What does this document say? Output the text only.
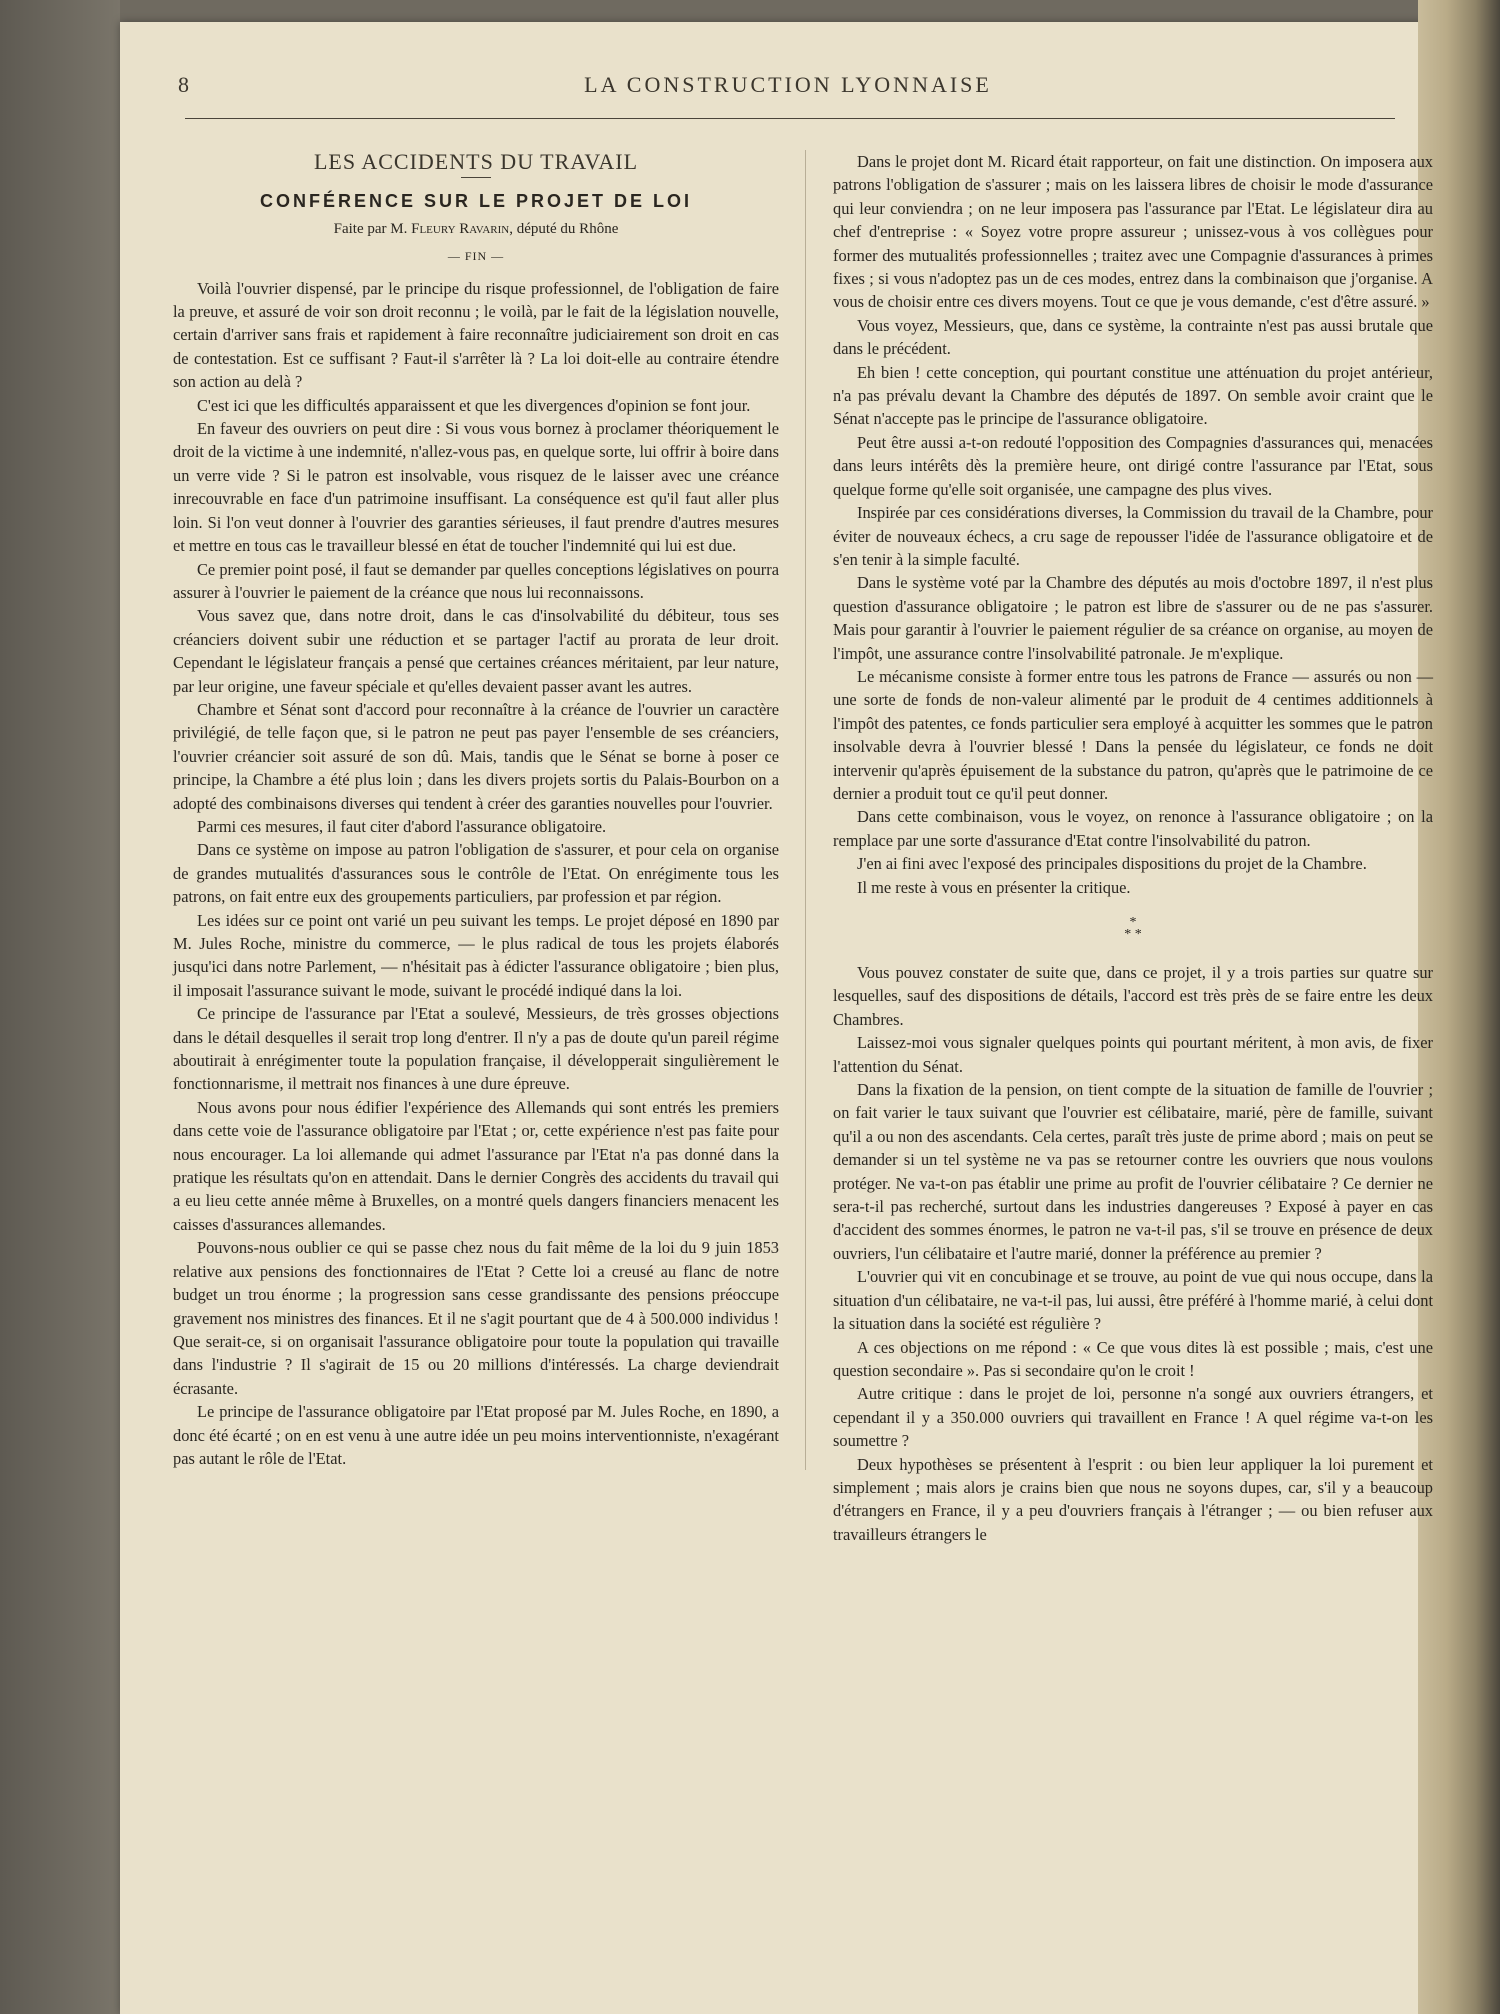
8	LA CONSTRUCTION LYONNAISE
LES ACCIDENTS DU TRAVAIL
CONFÉRENCE SUR LE PROJET DE LOI
Faite par M. Fleury Ravarin, député du Rhône
— FIN —

Voilà l'ouvrier dispensé, par le principe du risque professionnel, de l'obligation de faire la preuve, et assuré de voir son droit reconnu ; le voilà, par le fait de la législation nouvelle, certain d'arriver sans frais et rapidement à faire reconnaître judiciairement son droit en cas de contestation. Est ce suffisant ? Faut-il s'arrêter là ? La loi doit-elle au contraire étendre son action au delà ?

C'est ici que les difficultés apparaissent et que les divergences d'opinion se font jour.

En faveur des ouvriers on peut dire : Si vous vous bornez à proclamer théoriquement le droit de la victime à une indemnité, n'allez-vous pas, en quelque sorte, lui offrir à boire dans un verre vide ? Si le patron est insolvable, vous risquez de le laisser avec une créance inrecouvrable en face d'un patrimoine insuffisant. La conséquence est qu'il faut aller plus loin. Si l'on veut donner à l'ouvrier des garanties sérieuses, il faut prendre d'autres mesures et mettre en tous cas le travailleur blessé en état de toucher l'indemnité qui lui est due.

Ce premier point posé, il faut se demander par quelles conceptions législatives on pourra assurer à l'ouvrier le paiement de la créance que nous lui reconnaissons.

Vous savez que, dans notre droit, dans le cas d'insolvabilité du débiteur, tous ses créanciers doivent subir une réduction et se partager l'actif au prorata de leur droit. Cependant le législateur français a pensé que certaines créances méritaient, par leur nature, par leur origine, une faveur spéciale et qu'elles devaient passer avant les autres.

Chambre et Sénat sont d'accord pour reconnaître à la créance de l'ouvrier un caractère privilégié, de telle façon que, si le patron ne peut pas payer l'ensemble de ses créanciers, l'ouvrier créancier soit assuré de son dû. Mais, tandis que le Sénat se borne à poser ce principe, la Chambre a été plus loin ; dans les divers projets sortis du Palais-Bourbon on a adopté des combinaisons diverses qui tendent à créer des garanties nouvelles pour l'ouvrier.

Parmi ces mesures, il faut citer d'abord l'assurance obligatoire.

Dans ce système on impose au patron l'obligation de s'assurer, et pour cela on organise de grandes mutualités d'assurances sous le contrôle de l'Etat. On enrégimente tous les patrons, on fait entre eux des groupements particuliers, par profession et par région.

Les idées sur ce point ont varié un peu suivant les temps. Le projet déposé en 1890 par M. Jules Roche, ministre du commerce, — le plus radical de tous les projets élaborés jusqu'ici dans notre Parlement, — n'hésitait pas à édicter l'assurance obligatoire ; bien plus, il imposait l'assurance suivant le mode, suivant le procédé indiqué dans la loi.

Ce principe de l'assurance par l'Etat a soulevé, Messieurs, de très grosses objections dans le détail desquelles il serait trop long d'entrer. Il n'y a pas de doute qu'un pareil régime aboutirait à enrégimenter toute la population française, il développerait singulièrement le fonctionnarisme, il mettrait nos finances à une dure épreuve.

Nous avons pour nous édifier l'expérience des Allemands qui sont entrés les premiers dans cette voie de l'assurance obligatoire par l'Etat ; or, cette expérience n'est pas faite pour nous encourager. La loi allemande qui admet l'assurance par l'Etat n'a pas donné dans la pratique les résultats qu'on en attendait. Dans le dernier Congrès des accidents du travail qui a eu lieu cette année même à Bruxelles, on a montré quels dangers financiers menacent les caisses d'assurances allemandes.

Pouvons-nous oublier ce qui se passe chez nous du fait même de la loi du 9 juin 1853 relative aux pensions des fonctionnaires de l'Etat ? Cette loi a creusé au flanc de notre budget un trou énorme ; la progression sans cesse grandissante des pensions préoccupe gravement nos ministres des finances. Et il ne s'agit pourtant que de 4 à 500.000 individus ! Que serait-ce, si on organisait l'assurance obligatoire pour toute la population qui travaille dans l'industrie ? Il s'agirait de 15 ou 20 millions d'intéressés. La charge deviendrait écrasante.

Le principe de l'assurance obligatoire par l'Etat proposé par M. Jules Roche, en 1890, a donc été écarté ; on en est venu à une autre idée un peu moins interventionniste, n'exagérant pas autant le rôle de l'Etat.

Dans le projet dont M. Ricard était rapporteur, on fait une distinction. On imposera aux patrons l'obligation de s'assurer ; mais on les laissera libres de choisir le mode d'assurance qui leur conviendra ; on ne leur imposera pas l'assurance par l'Etat. Le législateur dira au chef d'entreprise : « Soyez votre propre assureur ; unissez-vous à vos collègues pour former des mutualités professionnelles ; traitez avec une Compagnie d'assurances à primes fixes ; si vous n'adoptez pas un de ces modes, entrez dans la combinaison que j'organise. A vous de choisir entre ces divers moyens. Tout ce que je vous demande, c'est d'être assuré. »

Vous voyez, Messieurs, que, dans ce système, la contrainte n'est pas aussi brutale que dans le précédent.

Eh bien ! cette conception, qui pourtant constitue une atténuation du projet antérieur, n'a pas prévalu devant la Chambre des députés de 1897. On semble avoir craint que le Sénat n'accepte pas le principe de l'assurance obligatoire.

Peut être aussi a-t-on redouté l'opposition des Compagnies d'assurances qui, menacées dans leurs intérêts dès la première heure, ont dirigé contre l'assurance par l'Etat, sous quelque forme qu'elle soit organisée, une campagne des plus vives.

Inspirée par ces considérations diverses, la Commission du travail de la Chambre, pour éviter de nouveaux échecs, a cru sage de repousser l'idée de l'assurance obligatoire et de s'en tenir à la simple faculté.

Dans le système voté par la Chambre des députés au mois d'octobre 1897, il n'est plus question d'assurance obligatoire ; le patron est libre de s'assurer ou de ne pas s'assurer. Mais pour garantir à l'ouvrier le paiement régulier de sa créance on organise, au moyen de l'impôt, une assurance contre l'insolvabilité patronale. Je m'explique.

Le mécanisme consiste à former entre tous les patrons de France — assurés ou non — une sorte de fonds de non-valeur alimenté par le produit de 4 centimes additionnels à l'impôt des patentes, ce fonds particulier sera employé à acquitter les sommes que le patron insolvable devra à l'ouvrier blessé ! Dans la pensée du législateur, ce fonds ne doit intervenir qu'après épuisement de la substance du patron, qu'après que le patrimoine de ce dernier a produit tout ce qu'il peut donner.

Dans cette combinaison, vous le voyez, on renonce à l'assurance obligatoire ; on la remplace par une sorte d'assurance d'Etat contre l'insolvabilité du patron.

J'en ai fini avec l'exposé des principales dispositions du projet de la Chambre.

Il me reste à vous en présenter la critique.

*
* *

Vous pouvez constater de suite que, dans ce projet, il y a trois parties sur quatre sur lesquelles, sauf des dispositions de détails, l'accord est très près de se faire entre les deux Chambres.

Laissez-moi vous signaler quelques points qui pourtant méritent, à mon avis, de fixer l'attention du Sénat.

Dans la fixation de la pension, on tient compte de la situation de famille de l'ouvrier ; on fait varier le taux suivant que l'ouvrier est célibataire, marié, père de famille, suivant qu'il a ou non des ascendants. Cela certes, paraît très juste de prime abord ; mais on peut se demander si un tel système ne va pas se retourner contre les ouvriers que nous voulons protéger. Ne va-t-on pas établir une prime au profit de l'ouvrier célibataire ? Ce dernier ne sera-t-il pas recherché, surtout dans les industries dangereuses ? Exposé à payer en cas d'accident des sommes énormes, le patron ne va-t-il pas, s'il se trouve en présence de deux ouvriers, l'un célibataire et l'autre marié, donner la préférence au premier ?

L'ouvrier qui vit en concubinage et se trouve, au point de vue qui nous occupe, dans la situation d'un célibataire, ne va-t-il pas, lui aussi, être préféré à l'homme marié, à celui dont la situation dans la société est régulière ?

A ces objections on me répond : « Ce que vous dites là est possible ; mais, c'est une question secondaire ». Pas si secondaire qu'on le croit !

Autre critique : dans le projet de loi, personne n'a songé aux ouvriers étrangers, et cependant il y a 350.000 ouvriers qui travaillent en France ! A quel régime va-t-on les soumettre ?

Deux hypothèses se présentent à l'esprit : ou bien leur appliquer la loi purement et simplement ; mais alors je crains bien que nous ne soyons dupes, car, s'il y a beaucoup d'étrangers en France, il y a peu d'ouvriers français à l'étranger ; — ou bien refuser aux travailleurs étrangers le
